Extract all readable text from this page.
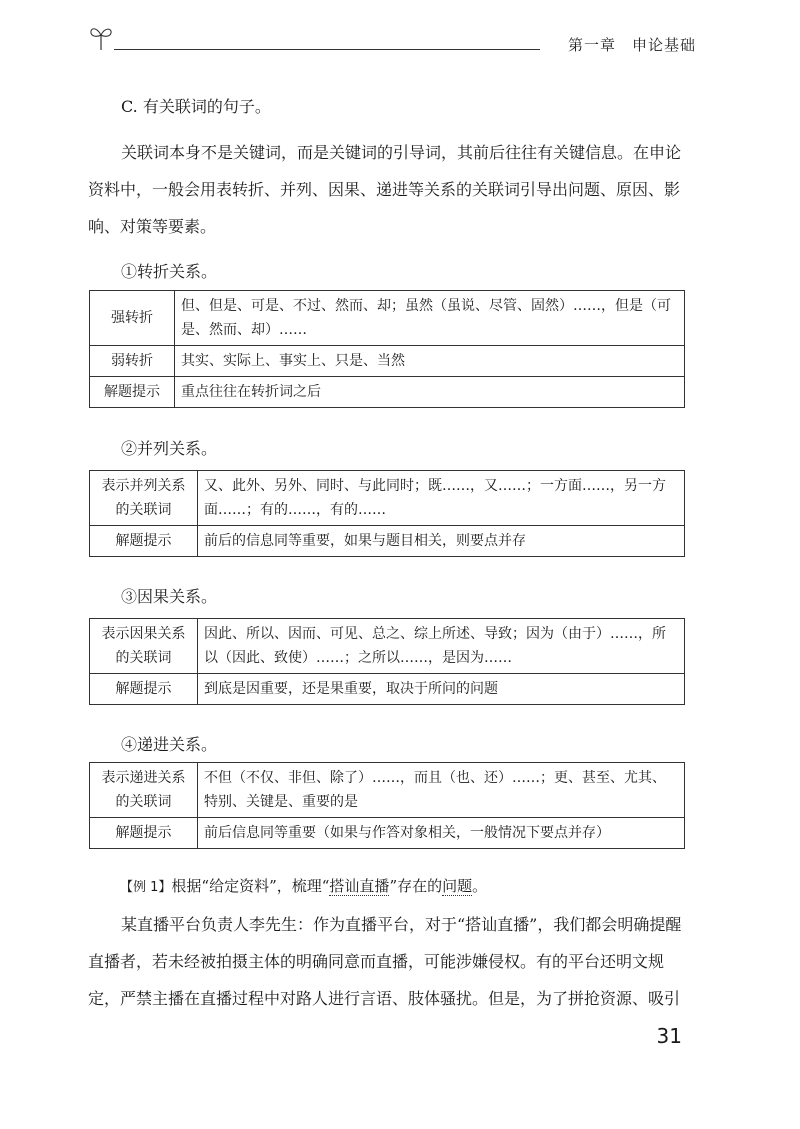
第一章　申论基础

C. 有关联词的句子。

关联词本身不是关键词，而是关键词的引导词，其前后往往有关键信息。在申论资料中，一般会用表转折、并列、因果、递进等关系的关联词引导出问题、原因、影响、对策等要素。

①转折关系。

强转折	但、但是、可是、不过、然而、却；虽然（虽说、尽管、固然）……，但是（可是、然而、却）……
弱转折	其实、实际上、事实上、只是、当然
解题提示	重点往往在转折词之后

②并列关系。

表示并列关系的关联词	又、此外、另外、同时、与此同时；既……，又……；一方面……，另一方面……；有的……，有的……
解题提示	前后的信息同等重要，如果与题目相关，则要点并存

③因果关系。

表示因果关系的关联词	因此、所以、因而、可见、总之、综上所述、导致；因为（由于）……，所以（因此、致使）……；之所以……，是因为……
解题提示	到底是因重要，还是果重要，取决于所问的问题

④递进关系。

表示递进关系的关联词	不但（不仅、非但、除了）……，而且（也、还）……；更、甚至、尤其、特别、关键是、重要的是
解题提示	前后信息同等重要（如果与作答对象相关，一般情况下要点并存）

【例 1】根据“给定资料”，梳理“搭讪直播”存在的问题。

某直播平台负责人李先生：作为直播平台，对于“搭讪直播”，我们都会明确提醒直播者，若未经被拍摄主体的明确同意而直播，可能涉嫌侵权。有的平台还明文规定，严禁主播在直播过程中对路人进行言语、肢体骚扰。但是，为了拼抢资源、吸引

31
